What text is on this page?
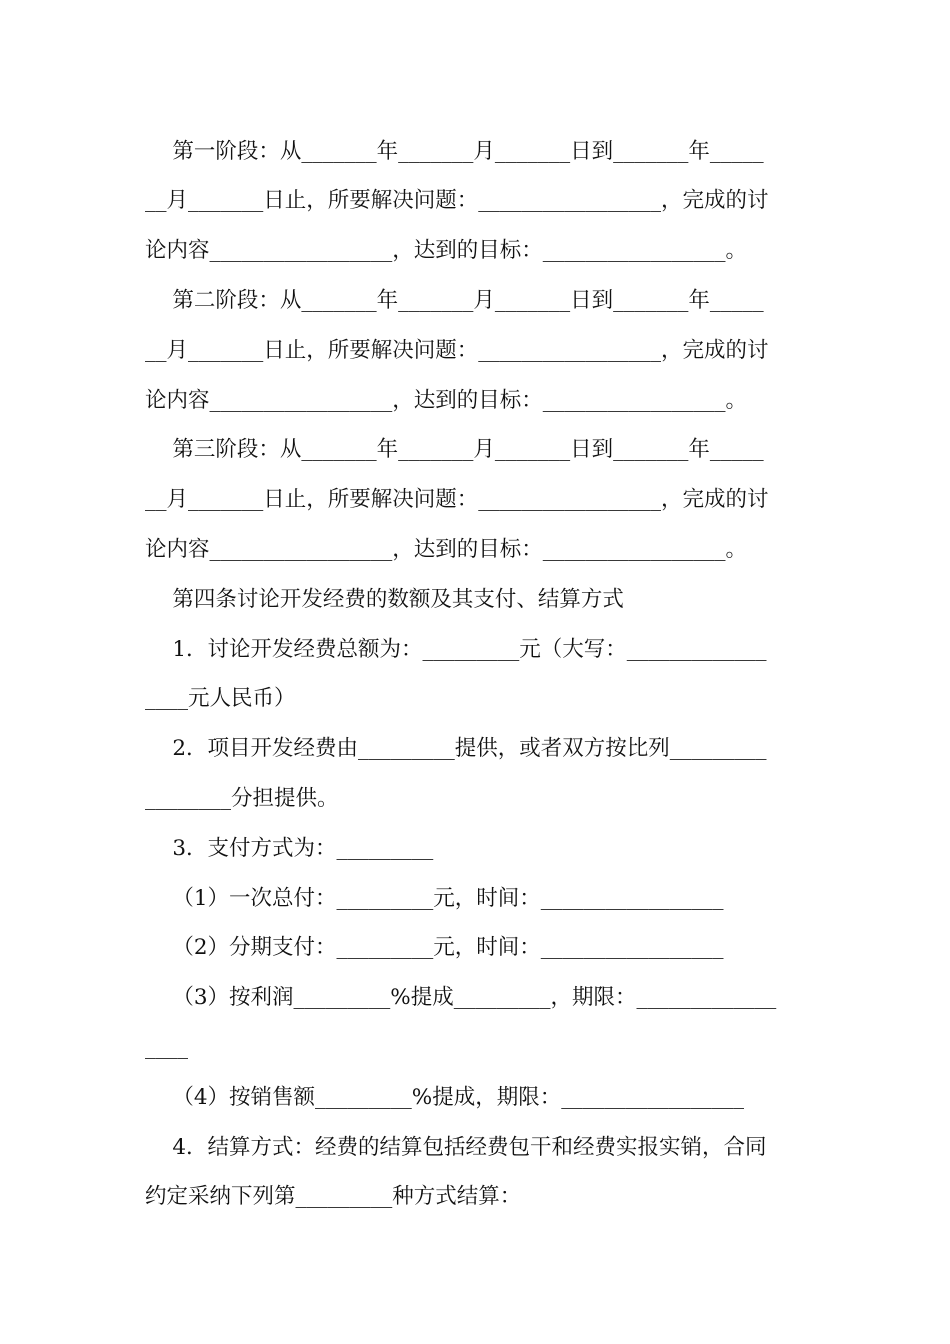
第一阶段：从_______年_______月_______日到_______年_____
__月_______日止，所要解决问题：_________________，完成的讨
论内容_________________，达到的目标：_________________。
第二阶段：从_______年_______月_______日到_______年_____
__月_______日止，所要解决问题：_________________，完成的讨
论内容_________________，达到的目标：_________________。
第三阶段：从_______年_______月_______日到_______年_____
__月_______日止，所要解决问题：_________________，完成的讨
论内容_________________，达到的目标：_________________。
第四条讨论开发经费的数额及其支付、结算方式
1．讨论开发经费总额为：_________元（大写：_____________
____元人民币）
2．项目开发经费由_________提供，或者双方按比列_________
________分担提供。
3．支付方式为：_________
（1）一次总付：_________元，时间：_________________
（2）分期支付：_________元，时间：_________________
（3）按利润_________%提成_________，期限：_____________
____
（4）按销售额_________%提成，期限：_________________
4．结算方式：经费的结算包括经费包干和经费实报实销，合同
约定采纳下列第_________种方式结算：
